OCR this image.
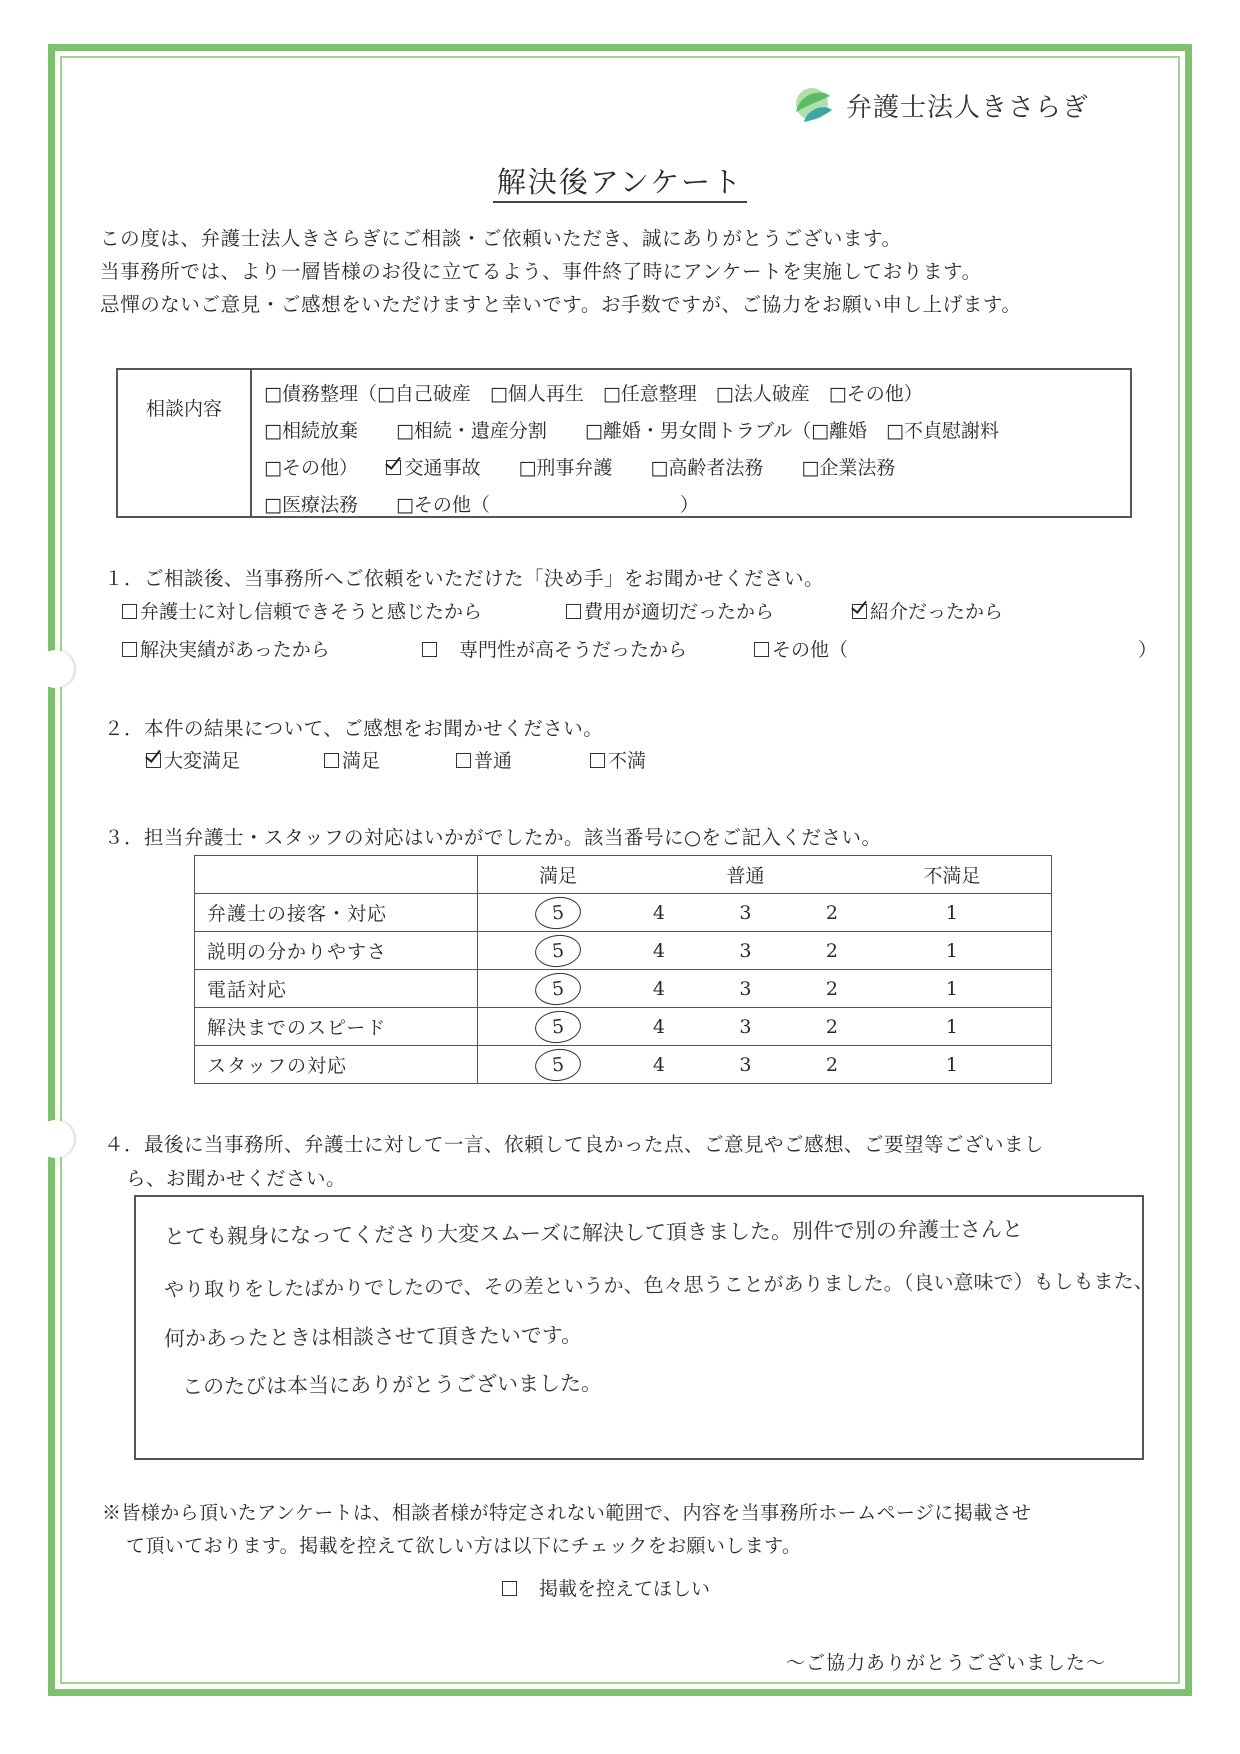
弁護士法人きさらぎ
解決後アンケート
この度は、弁護士法人きさらぎにご相談・ご依頼いただき、誠にありがとうございます。
当事務所では、より一層皆様のお役に立てるよう、事件終了時にアンケートを実施しております。
忌憚のないご意見・ご感想をいただけますと幸いです。お手数ですが、ご協力をお願い申し上げます。
相談内容
□債務整理（□自己破産　□個人再生　□任意整理　□法人破産　□その他）
□相続放棄　　□相続・遺産分割　　□離婚・男女間トラブル（□離婚　□不貞慰謝料
□その他）　　交通事故　　□刑事弁護　　□高齢者法務　　□企業法務
□医療法務　　□その他（　　　　　　　　　　）
１．ご相談後、当事務所へご依頼をいただけた「決め手」をお聞かせください。
弁護士に対し信頼できそうと感じたから	費用が適切だったから	紹介だったから
解決実績があったから	専門性が高そうだったから	その他（	）
２．本件の結果について、ご感想をお聞かせください。
大変満足	満足	普通	不満
３．担当弁護士・スタッフの対応はいかがでしたか。該当番号に○をご記入ください。
	満足		普通		不満足
弁護士の接客・対応	5	4	3	2	1
説明の分かりやすさ	5	4	3	2	1
電話対応	5	4	3	2	1
解決までのスピード	5	4	3	2	1
スタッフの対応	5	4	3	2	1
４．最後に当事務所、弁護士に対して一言、依頼して良かった点、ご意見やご感想、ご要望等ございまし
ら、お聞かせください。
とても親身になってくださり大変スムーズに解決して頂きました。別件で別の弁護士さんと
やり取りをしたばかりでしたので、その差というか、色々思うことがありました。（良い意味で）もしもまた、
何かあったときは相談させて頂きたいです。
このたびは本当にありがとうございました。
※皆様から頂いたアンケートは、相談者様が特定されない範囲で、内容を当事務所ホームページに掲載させ
て頂いております。掲載を控えて欲しい方は以下にチェックをお願いします。
掲載を控えてほしい
～ご協力ありがとうございました～
